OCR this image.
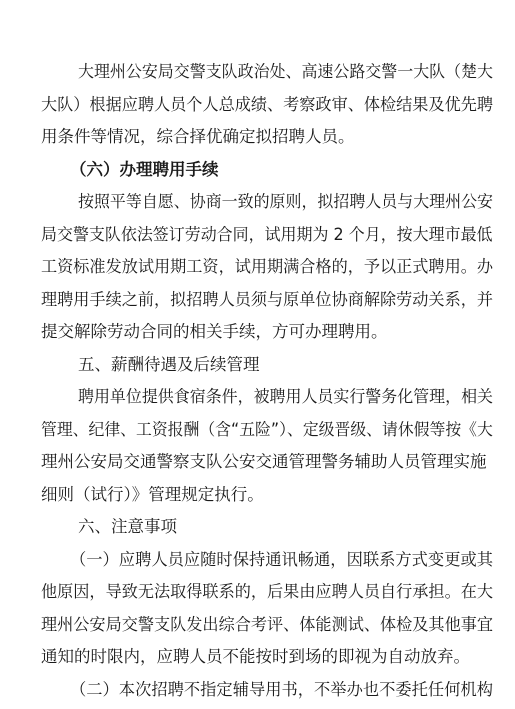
大理州公安局交警支队政治处、高速公路交警一大队（楚大
大队）根据应聘人员个人总成绩、考察政审、体检结果及优先聘
用条件等情况，综合择优确定拟招聘人员。
（六）办理聘用手续
按照平等自愿、协商一致的原则，拟招聘人员与大理州公安
局交警支队依法签订劳动合同，试用期为 2 个月，按大理市最低
工资标准发放试用期工资，试用期满合格的，予以正式聘用。办
理聘用手续之前，拟招聘人员须与原单位协商解除劳动关系，并
提交解除劳动合同的相关手续，方可办理聘用。
五、薪酬待遇及后续管理
聘用单位提供食宿条件，被聘用人员实行警务化管理，相关
管理、纪律、工资报酬（含“五险”）、定级晋级、请休假等按《大
理州公安局交通警察支队公安交通管理警务辅助人员管理实施
细则（试行）》管理规定执行。
六、注意事项
（一）应聘人员应随时保持通讯畅通，因联系方式变更或其
他原因，导致无法取得联系的，后果由应聘人员自行承担。在大
理州公安局交警支队发出综合考评、体能测试、体检及其他事宜
通知的时限内，应聘人员不能按时到场的即视为自动放弃。
（二）本次招聘不指定辅导用书，不举办也不委托任何机构
